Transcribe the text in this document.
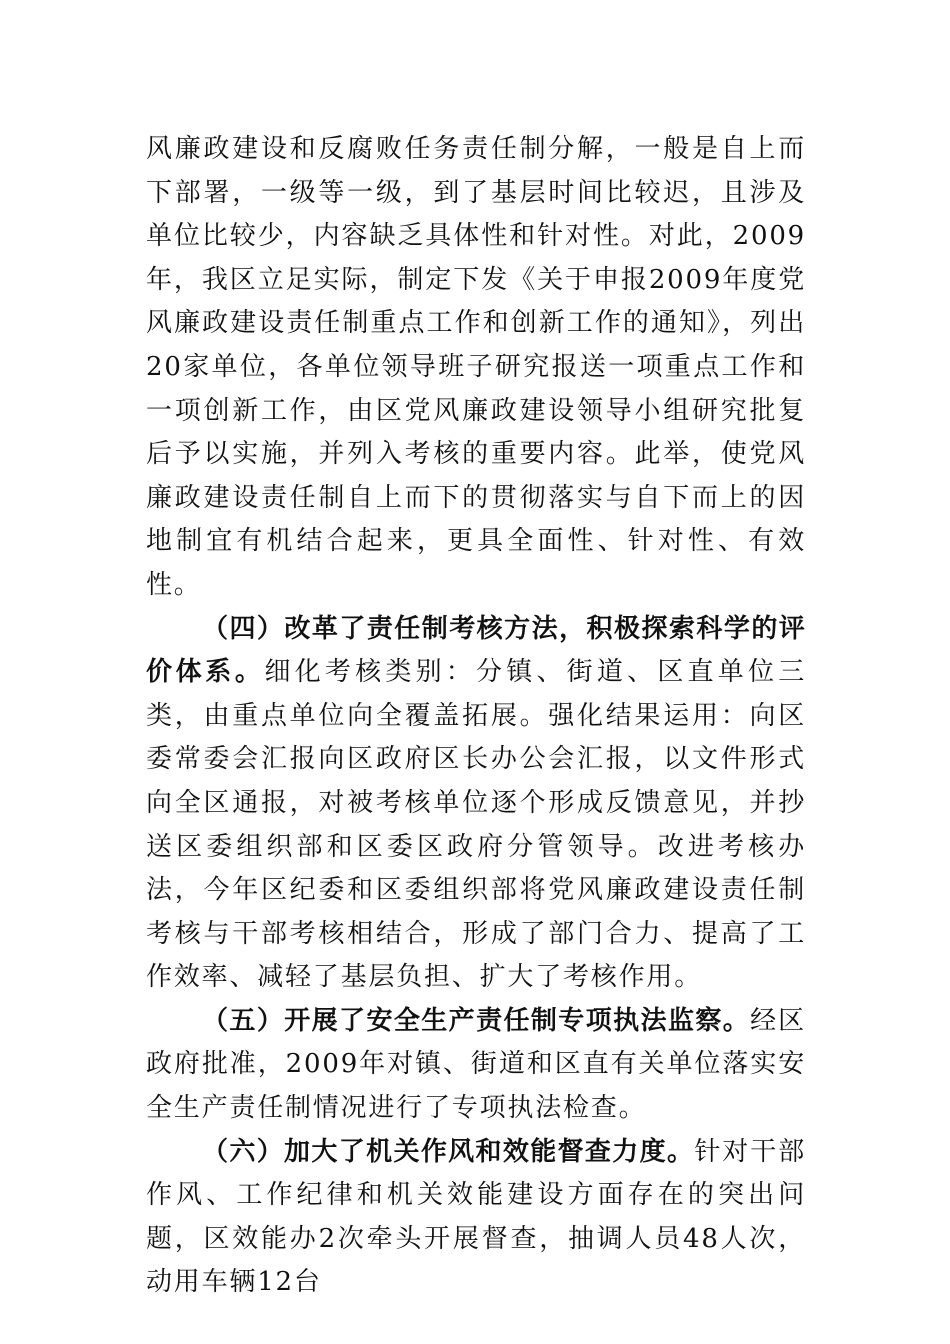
风廉政建设和反腐败任务责任制分解，一般是自上而下部署，一级等一级，到了基层时间比较迟，且涉及单位比较少，内容缺乏具体性和针对性。对此，2009年，我区立足实际，制定下发《关于申报2009年度党风廉政建设责任制重点工作和创新工作的通知》，列出20家单位，各单位领导班子研究报送一项重点工作和一项创新工作，由区党风廉政建设领导小组研究批复后予以实施，并列入考核的重要内容。此举，使党风廉政建设责任制自上而下的贯彻落实与自下而上的因地制宜有机结合起来，更具全面性、针对性、有效性。

（四）改革了责任制考核方法，积极探索科学的评价体系。细化考核类别：分镇、街道、区直单位三类，由重点单位向全覆盖拓展。强化结果运用：向区委常委会汇报向区政府区长办公会汇报，以文件形式向全区通报，对被考核单位逐个形成反馈意见，并抄送区委组织部和区委区政府分管领导。改进考核办法，今年区纪委和区委组织部将党风廉政建设责任制考核与干部考核相结合，形成了部门合力、提高了工作效率、减轻了基层负担、扩大了考核作用。

（五）开展了安全生产责任制专项执法监察。经区政府批准，2009年对镇、街道和区直有关单位落实安全生产责任制情况进行了专项执法检查。

（六）加大了机关作风和效能督查力度。针对干部作风、工作纪律和机关效能建设方面存在的突出问题，区效能办2次牵头开展督查，抽调人员48人次，动用车辆12台
